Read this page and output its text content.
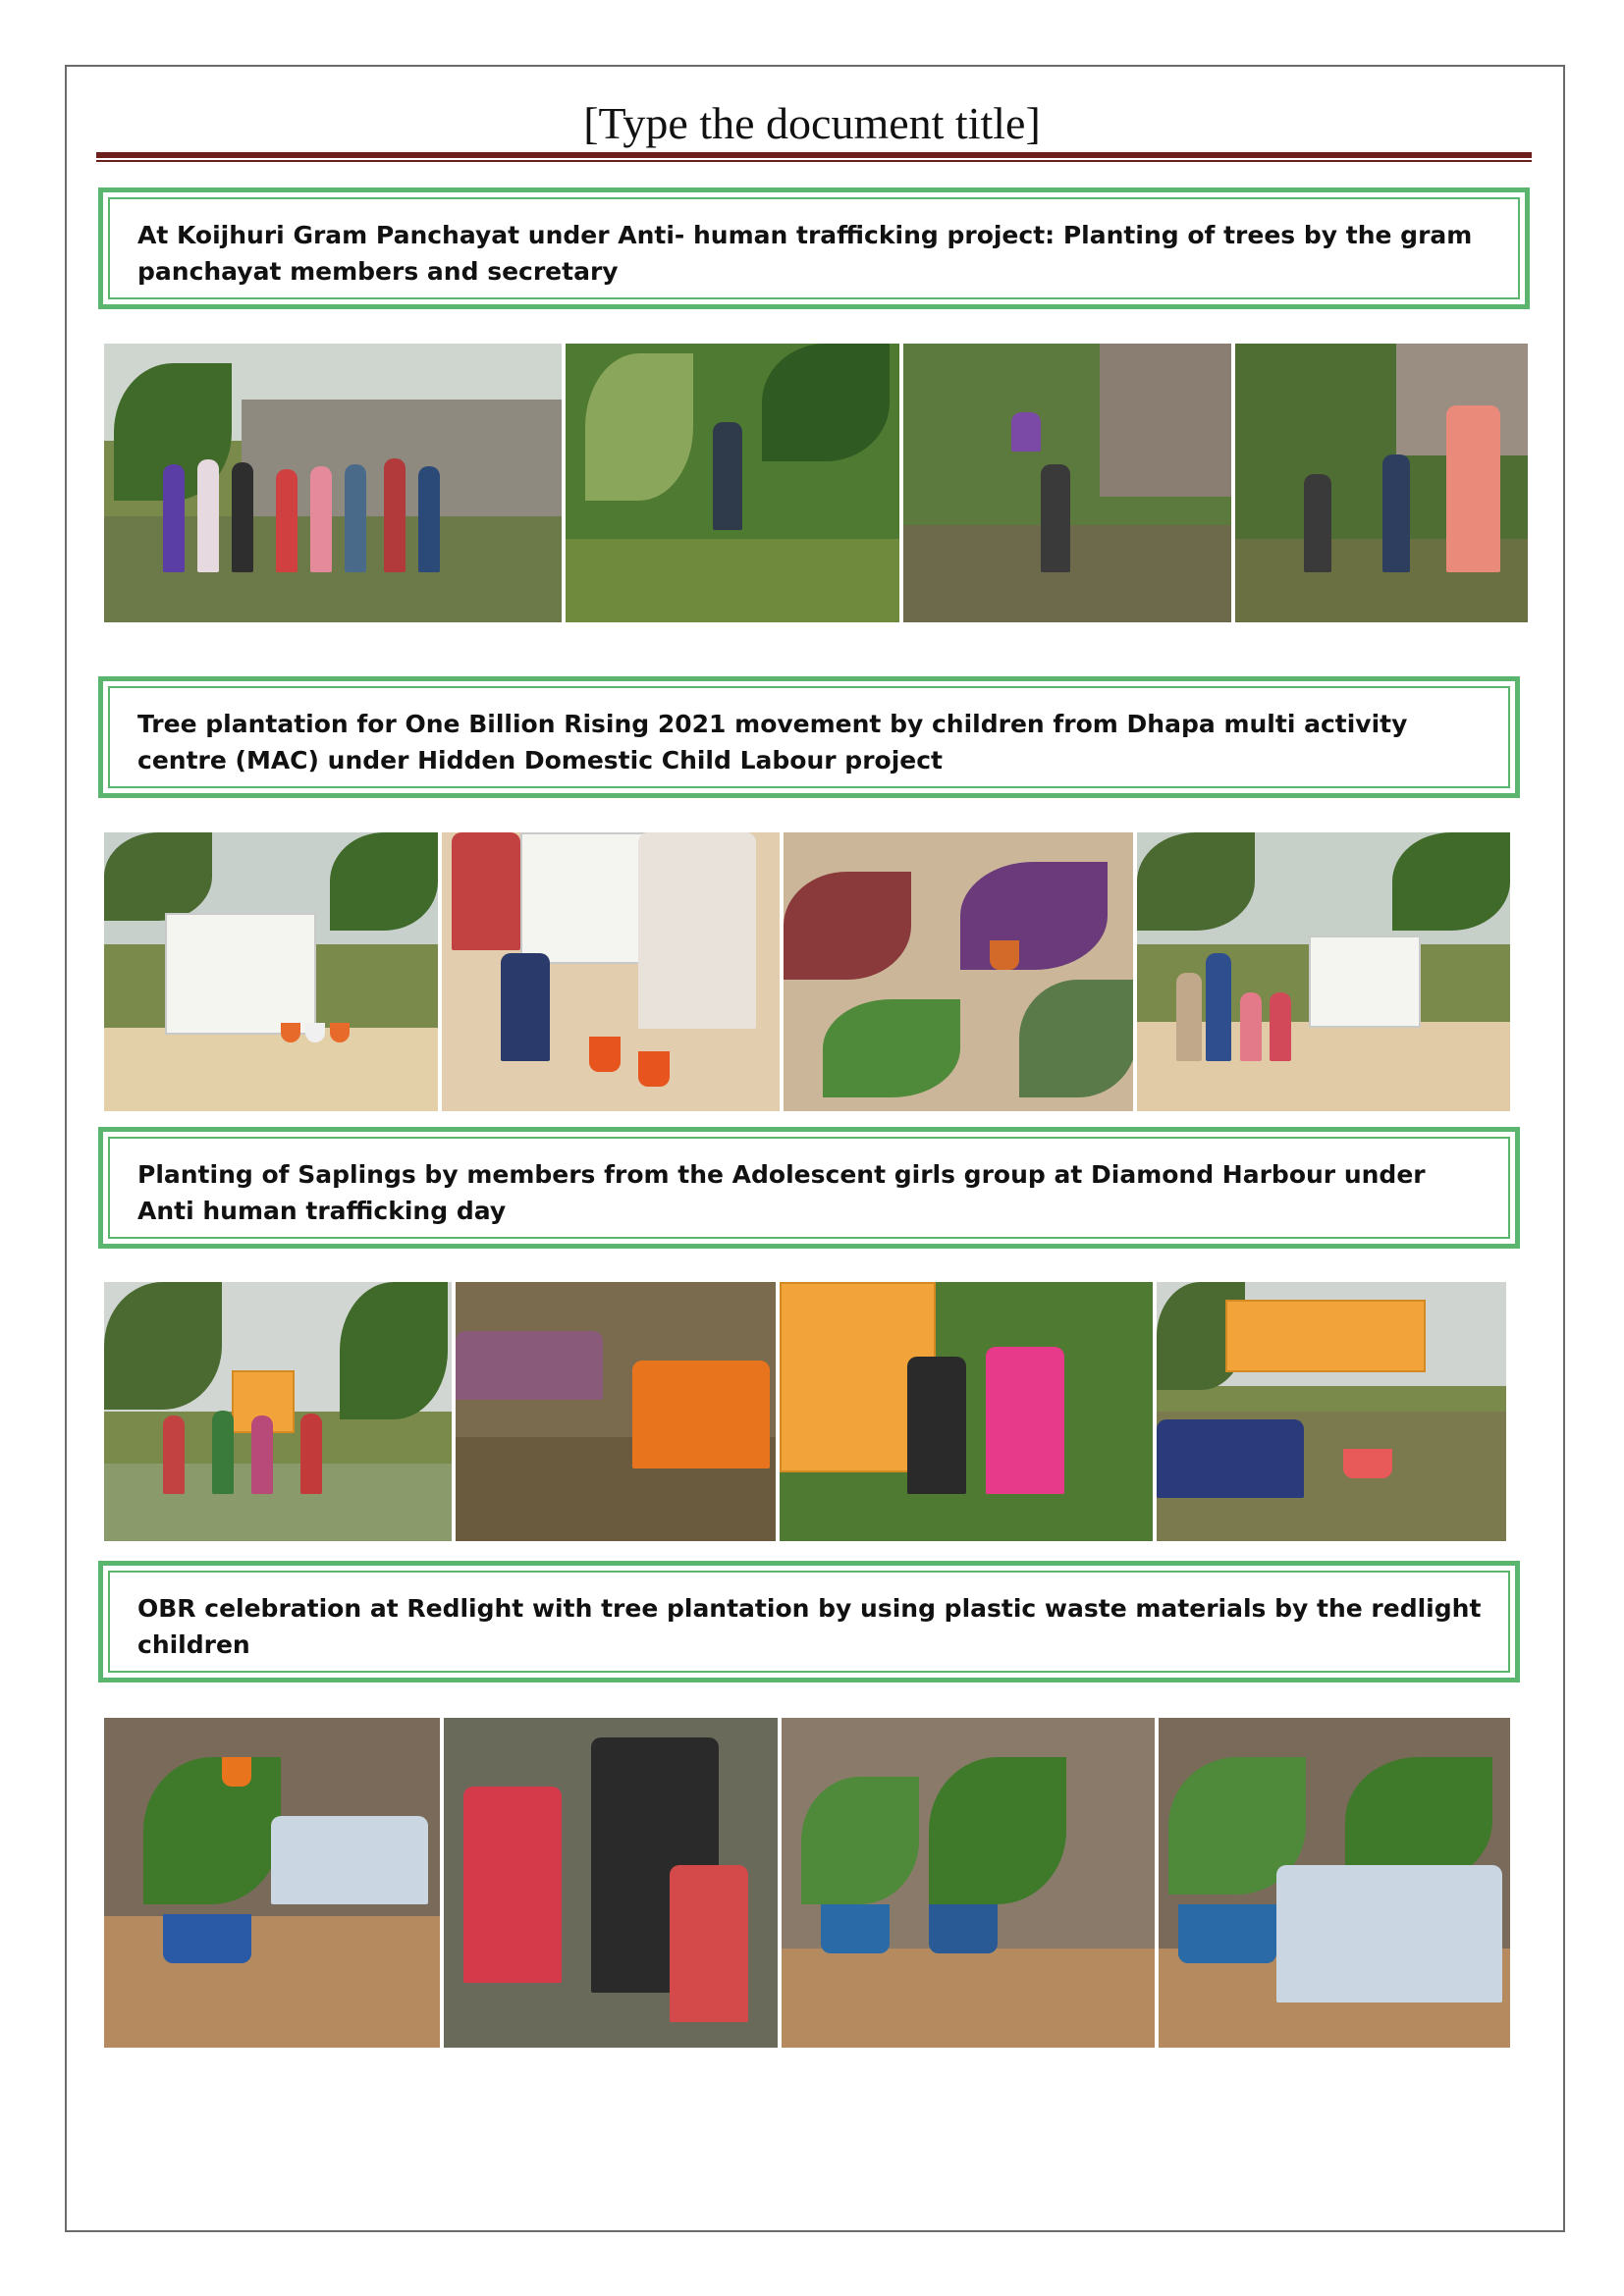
[Type the document title]
At Koijhuri Gram Panchayat under Anti- human trafficking project: Planting of trees by the gram panchayat members and secretary
Tree plantation for One Billion Rising 2021 movement by children from Dhapa multi activity centre (MAC) under Hidden Domestic Child Labour project
Planting of Saplings by members from the Adolescent girls group at Diamond Harbour under Anti human trafficking day
OBR celebration at Redlight with tree plantation by using plastic waste materials by the redlight children
